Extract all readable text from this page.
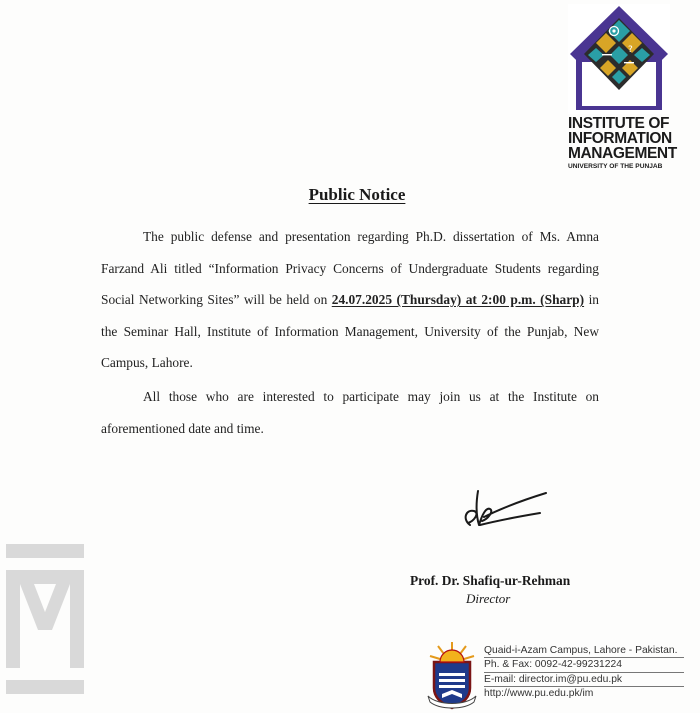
?
INSTITUTE OF
INFORMATION
MANAGEMENT
UNIVERSITY OF THE PUNJAB
Public Notice
The public defense and presentation regarding Ph.D. dissertation of Ms. Amna Farzand Ali titled “Information Privacy Concerns of Undergraduate Students regarding Social Networking Sites” will be held on 24.07.2025 (Thursday) at 2:00 p.m. (Sharp) in the Seminar Hall, Institute of Information Management, University of the Punjab, New Campus, Lahore.
All those who are interested to participate may join us at the Institute on aforementioned date and time.
Prof. Dr. Shafiq-ur-Rehman
Director
Quaid-i-Azam Campus, Lahore - Pakistan.
Ph. & Fax: 0092-42-99231224
E-mail: director.im@pu.edu.pk
http://www.pu.edu.pk/im
